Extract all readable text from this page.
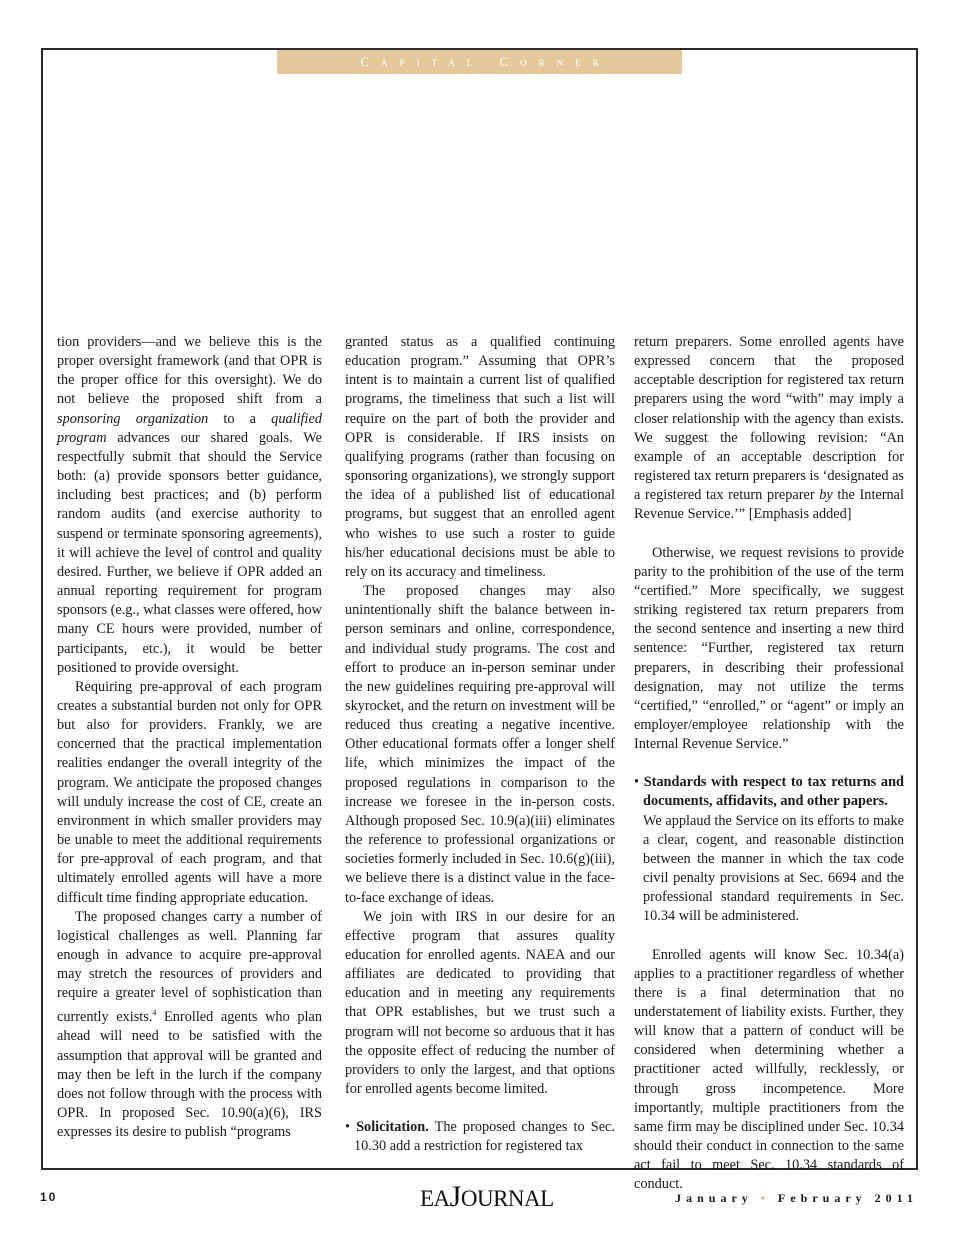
Capital Corner

tion providers—and we believe this is the proper oversight framework (and that OPR is the proper office for this oversight). We do not believe the proposed shift from a sponsoring organization to a qualified program advances our shared goals. We respectfully submit that should the Service both: (a) provide sponsors better guidance, including best practices; and (b) perform random audits (and exercise authority to suspend or terminate sponsoring agreements), it will achieve the level of control and quality desired. Further, we believe if OPR added an annual reporting requirement for program sponsors (e.g., what classes were offered, how many CE hours were provided, number of participants, etc.), it would be better positioned to provide oversight.

Requiring pre-approval of each program creates a substantial burden not only for OPR but also for providers. Frankly, we are concerned that the practical implementation realities endanger the overall integrity of the program. We anticipate the proposed changes will unduly increase the cost of CE, create an environment in which smaller providers may be unable to meet the additional requirements for pre-approval of each program, and that ultimately enrolled agents will have a more difficult time finding appropriate education.

The proposed changes carry a number of logistical challenges as well. Planning far enough in advance to acquire pre-approval may stretch the resources of providers and require a greater level of sophistication than currently exists.$^4$ Enrolled agents who plan ahead will need to be satisfied with the assumption that approval will be granted and may then be left in the lurch if the company does not follow through with the process with OPR. In proposed Sec. 10.90(a)(6), IRS expresses its desire to publish “programs

granted status as a qualified continuing education program.” Assuming that OPR’s intent is to maintain a current list of qualified programs, the timeliness that such a list will require on the part of both the provider and OPR is considerable. If IRS insists on qualifying programs (rather than focusing on sponsoring organizations), we strongly support the idea of a published list of educational programs, but suggest that an enrolled agent who wishes to use such a roster to guide his/her educational decisions must be able to rely on its accuracy and timeliness.

The proposed changes may also unintentionally shift the balance between in-person seminars and online, correspondence, and individual study programs. The cost and effort to produce an in-person seminar under the new guidelines requiring pre-approval will skyrocket, and the return on investment will be reduced thus creating a negative incentive. Other educational formats offer a longer shelf life, which minimizes the impact of the proposed regulations in comparison to the increase we foresee in the in-person costs. Although proposed Sec. 10.9(a)(iii) eliminates the reference to professional organizations or societies formerly included in Sec. 10.6(g)(iii), we believe there is a distinct value in the face-to-face exchange of ideas.

We join with IRS in our desire for an effective program that assures quality education for enrolled agents. NAEA and our affiliates are dedicated to providing that education and in meeting any requirements that OPR establishes, but we trust such a program will not become so arduous that it has the opposite effect of reducing the number of providers to only the largest, and that options for enrolled agents become limited.

• Solicitation. The proposed changes to Sec. 10.30 add a restriction for registered tax

return preparers. Some enrolled agents have expressed concern that the proposed acceptable description for registered tax return preparers using the word “with” may imply a closer relationship with the agency than exists. We suggest the following revision: “An example of an acceptable description for registered tax return preparers is ‘designated as a registered tax return preparer by the Internal Revenue Service.’” [Emphasis added]

Otherwise, we request revisions to provide parity to the prohibition of the use of the term “certified.” More specifically, we suggest striking registered tax return preparers from the second sentence and inserting a new third sentence: “Further, registered tax return preparers, in describing their professional designation, may not utilize the terms “certified,” “enrolled,” or “agent” or imply an employer/employee relationship with the Internal Revenue Service.”

• Standards with respect to tax returns and documents, affidavits, and other papers.

We applaud the Service on its efforts to make a clear, cogent, and reasonable distinction between the manner in which the tax code civil penalty provisions at Sec. 6694 and the professional standard requirements in Sec. 10.34 will be administered.

Enrolled agents will know Sec. 10.34(a) applies to a practitioner regardless of whether there is a final determination that no understatement of liability exists. Further, they will know that a pattern of conduct will be considered when determining whether a practitioner acted willfully, recklessly, or through gross incompetence. More importantly, multiple practitioners from the same firm may be disciplined under Sec. 10.34 should their conduct in connection to the same act fail to meet Sec. 10.34 standards of conduct.

10	EAJOURNAL	January • February 2011
